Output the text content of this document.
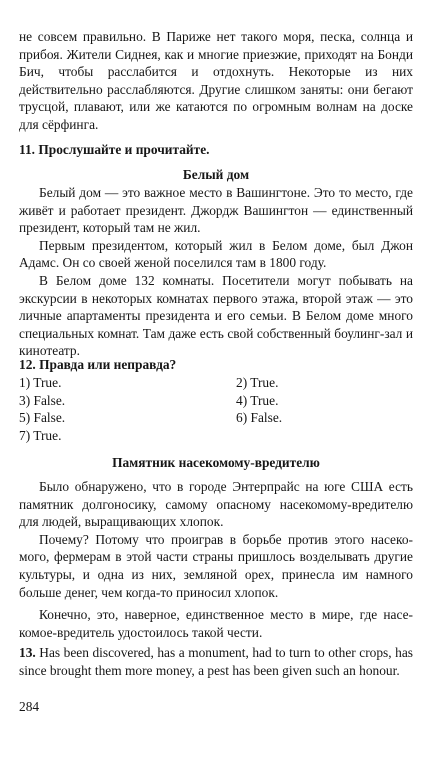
не совсем правильно. В Париже нет такого моря, песка, солнца и прибоя. Жители Сиднея, как и многие приезжие, приходят на Бонди Бич, чтобы расслабится и отдохнуть. Некоторые из них действительно расслабляются. Другие слишком заняты: они бегают трусцой, плавают, или же катаются по огромным волнам на доске для сёрфинга.

11. Прослушайте и прочитайте.
Белый дом

Белый дом — это важное место в Вашингтоне. Это то место, где живёт и работает президент. Джордж Вашингтон — единственный президент, который там не жил.

Первым президентом, который жил в Белом доме, был Джон Адамс. Он со своей женой поселился там в 1800 году.

В Белом доме 132 комнаты. Посетители могут побывать на экскурсии в некоторых комнатах первого этажа, второй этаж — это личные апартаменты президента и его семьи. В Белом доме много специальных комнат. Там даже есть свой собственный боулинг-зал и кинотеатр.

12. Правда или неправда?
1) True.	2) True.
3) False.	4) True.
5) False.	6) False.
7) True.
Памятник насекомому-вредителю

Было обнаружено, что в городе Энтерпрайс на юге США есть памятник долгоносику, самому опасному насекомому-вредителю для людей, выращивающих хлопок.

Почему? Потому что проиграв в борьбе против этого насекомого, фермерам в этой части страны пришлось возделывать другие культуры, и одна из них, земляной орех, принесла им намного больше денег, чем когда-то приносил хлопок.

Конечно, это, наверное, единственное место в мире, где насекомое-вредитель удостоилось такой чести.

13. Has been discovered, has a monument, had to turn to other crops, has since brought them more money, a pest has been given such an honour.

284
